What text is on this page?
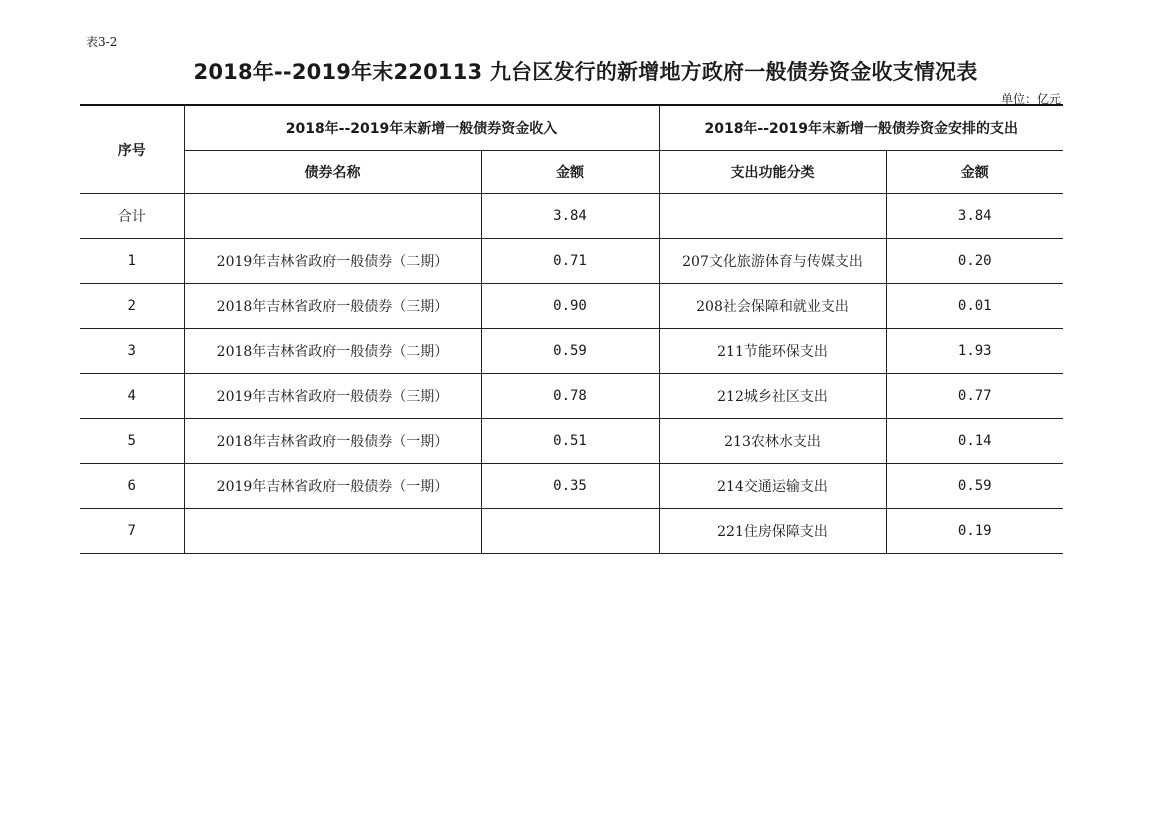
表3-2
2018年--2019年末220113 九台区发行的新增地方政府一般债券资金收支情况表
单位：亿元
序号	2018年--2019年末新增一般债券资金收入		2018年--2019年末新增一般债券资金安排的支出	
	债券名称	金额	支出功能分类	金额
合计		3.84		3.84
1	2019年吉林省政府一般债券（二期）	0.71	207文化旅游体育与传媒支出	0.20
2	2018年吉林省政府一般债券（三期）	0.90	208社会保障和就业支出	0.01
3	2018年吉林省政府一般债券（二期）	0.59	211节能环保支出	1.93
4	2019年吉林省政府一般债券（三期）	0.78	212城乡社区支出	0.77
5	2018年吉林省政府一般债券（一期）	0.51	213农林水支出	0.14
6	2019年吉林省政府一般债券（一期）	0.35	214交通运输支出	0.59
7			221住房保障支出	0.19
